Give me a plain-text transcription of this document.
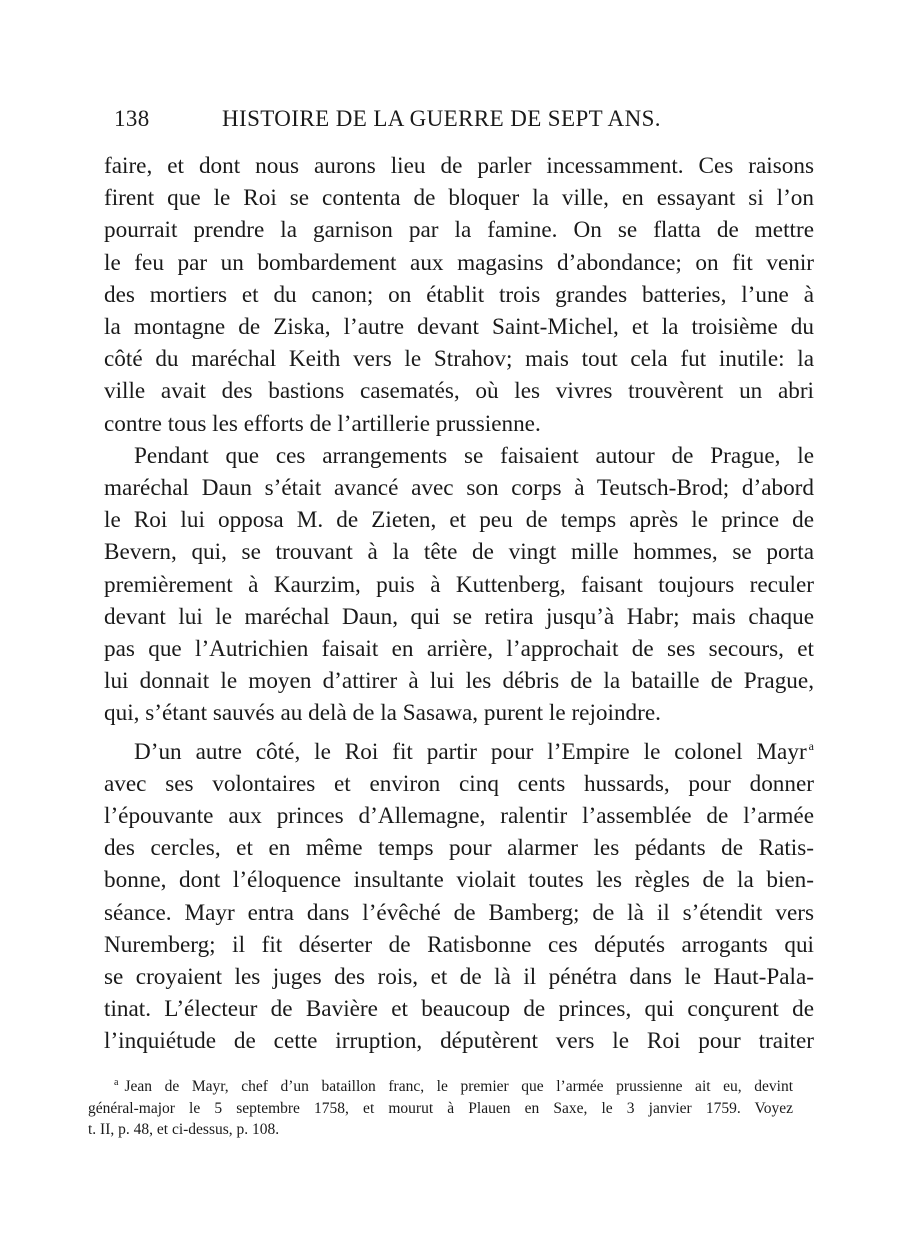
138	HISTOIRE DE LA GUERRE DE SEPT ANS.

faire, et dont nous aurons lieu de parler incessamment. Ces raisons
firent que le Roi se contenta de bloquer la ville, en essayant si l’on
pourrait prendre la garnison par la famine. On se flatta de mettre
le feu par un bombardement aux magasins d’abondance; on fit venir
des mortiers et du canon; on établit trois grandes batteries, l’une à
la montagne de Ziska, l’autre devant Saint-Michel, et la troisième du
côté du maréchal Keith vers le Strahov; mais tout cela fut inutile: la
ville avait des bastions casematés, où les vivres trouvèrent un abri
contre tous les efforts de l’artillerie prussienne.

Pendant que ces arrangements se faisaient autour de Prague, le
maréchal Daun s’était avancé avec son corps à Teutsch-Brod; d’abord
le Roi lui opposa M. de Zieten, et peu de temps après le prince de
Bevern, qui, se trouvant à la tête de vingt mille hommes, se porta
premièrement à Kaurzim, puis à Kuttenberg, faisant toujours reculer
devant lui le maréchal Daun, qui se retira jusqu’à Habr; mais chaque
pas que l’Autrichien faisait en arrière, l’approchait de ses secours, et
lui donnait le moyen d’attirer à lui les débris de la bataille de Prague,
qui, s’étant sauvés au delà de la Sasawa, purent le rejoindre.

D’un autre côté, le Roi fit partir pour l’Empire le colonel Mayr $^a$
avec ses volontaires et environ cinq cents hussards, pour donner
l’épouvante aux princes d’Allemagne, ralentir l’assemblée de l’armée
des cercles, et en même temps pour alarmer les pédants de Ratis-
bonne, dont l’éloquence insultante violait toutes les règles de la bien-
séance. Mayr entra dans l’évêché de Bamberg; de là il s’étendit vers
Nuremberg; il fit déserter de Ratisbonne ces députés arrogants qui
se croyaient les juges des rois, et de là il pénétra dans le Haut-Pala-
tinat. L’électeur de Bavière et beaucoup de princes, qui conçurent de
l’inquiétude de cette irruption, députèrent vers le Roi pour traiter

$^a$ Jean de Mayr, chef d’un bataillon franc, le premier que l’armée prussienne ait eu, devint
général-major le 5 septembre 1758, et mourut à Plauen en Saxe, le 3 janvier 1759. Voyez
t. II, p. 48, et ci-dessus, p. 108.
